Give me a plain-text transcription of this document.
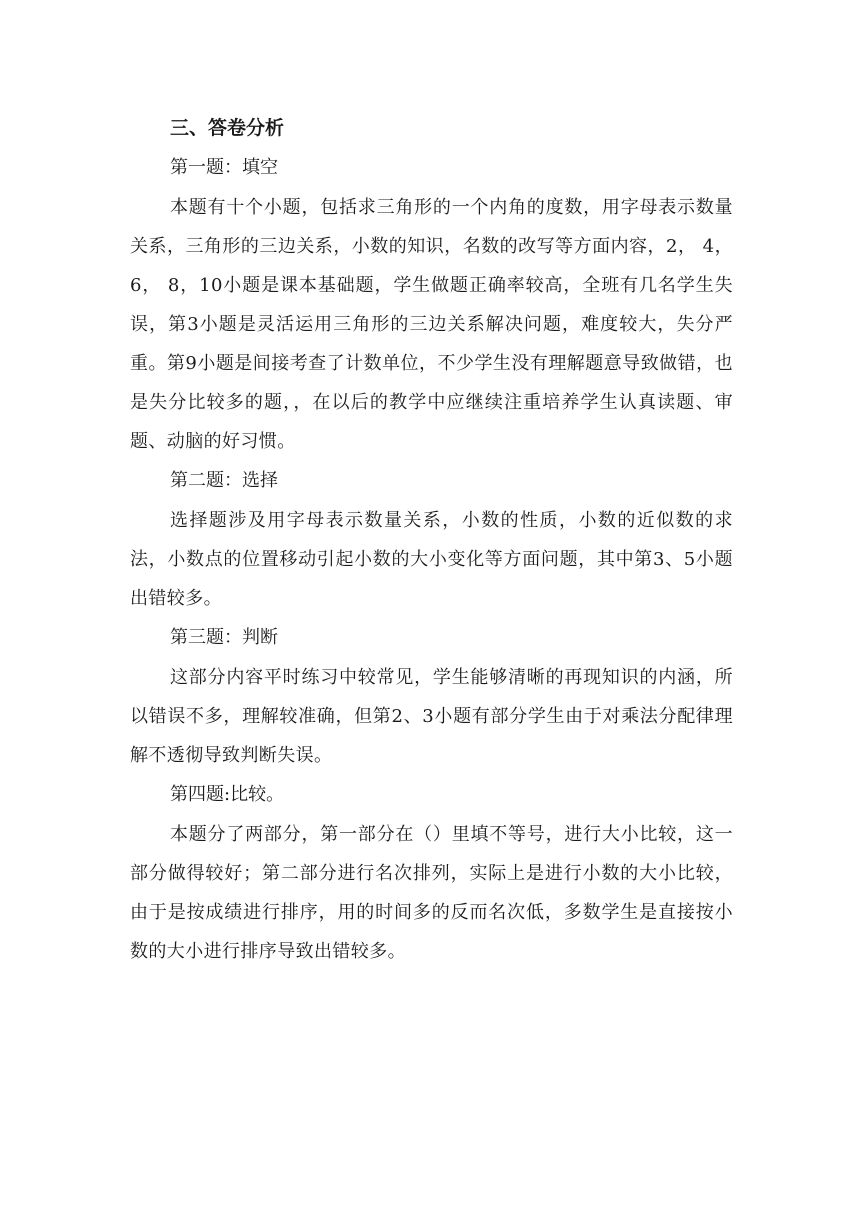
三、答卷分析
第一题：填空

本题有十个小题，包括求三角形的一个内角的度数，用字母表示数量关系，三角形的三边关系，小数的知识，名数的改写等方面内容，2， 4， 6， 8，10小题是课本基础题，学生做题正确率较高，全班有几名学生失误，第3小题是灵活运用三角形的三边关系解决问题，难度较大，失分严重。第9小题是间接考查了计数单位，不少学生没有理解题意导致做错，也是失分比较多的题，，在以后的教学中应继续注重培养学生认真读题、审题、动脑的好习惯。

第二题：选择

选择题涉及用字母表示数量关系，小数的性质，小数的近似数的求法，小数点的位置移动引起小数的大小变化等方面问题，其中第3、5小题出错较多。

第三题：判断

这部分内容平时练习中较常见，学生能够清晰的再现知识的内涵，所以错误不多，理解较准确，但第2、3小题有部分学生由于对乘法分配律理解不透彻导致判断失误。

第四题:比较。

本题分了两部分，第一部分在（）里填不等号，进行大小比较，这一部分做得较好；第二部分进行名次排列，实际上是进行小数的大小比较，由于是按成绩进行排序，用的时间多的反而名次低，多数学生是直接按小数的大小进行排序导致出错较多。
